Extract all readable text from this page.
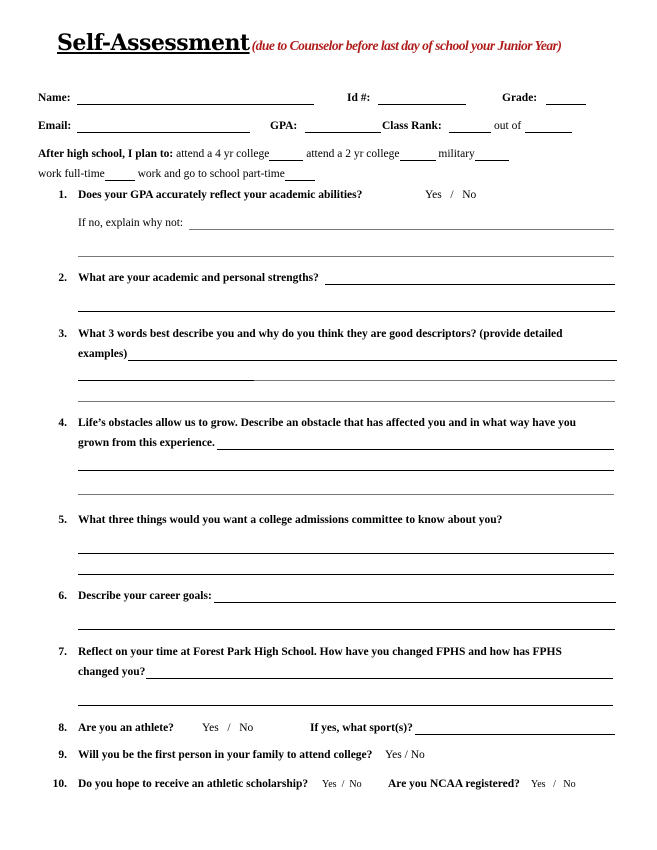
Self-Assessment (due to Counselor before last day of school your Junior Year)
Name:	Id #:	Grade:
Email:	GPA:	Class Rank:	out of
After high school, I plan to: attend a 4 yr college	attend a 2 yr college	military
work full-time	work and go to school part-time
1. Does your GPA accurately reflect your academic abilities?	Yes / No
If no, explain why not:
2. What are your academic and personal strengths?
3. What 3 words best describe you and why do you think they are good descriptors? (provide detailed
examples)
4. Life’s obstacles allow us to grow. Describe an obstacle that has affected you and in what way have you
grown from this experience.
5. What three things would you want a college admissions committee to know about you?
6. Describe your career goals:
7. Reflect on your time at Forest Park High School. How have you changed FPHS and how has FPHS
changed you?
8. Are you an athlete? Yes / No	If yes, what sport(s)?
9. Will you be the first person in your family to attend college? Yes / No
10. Do you hope to receive an athletic scholarship? Yes / No Are you NCAA registered? Yes / No
